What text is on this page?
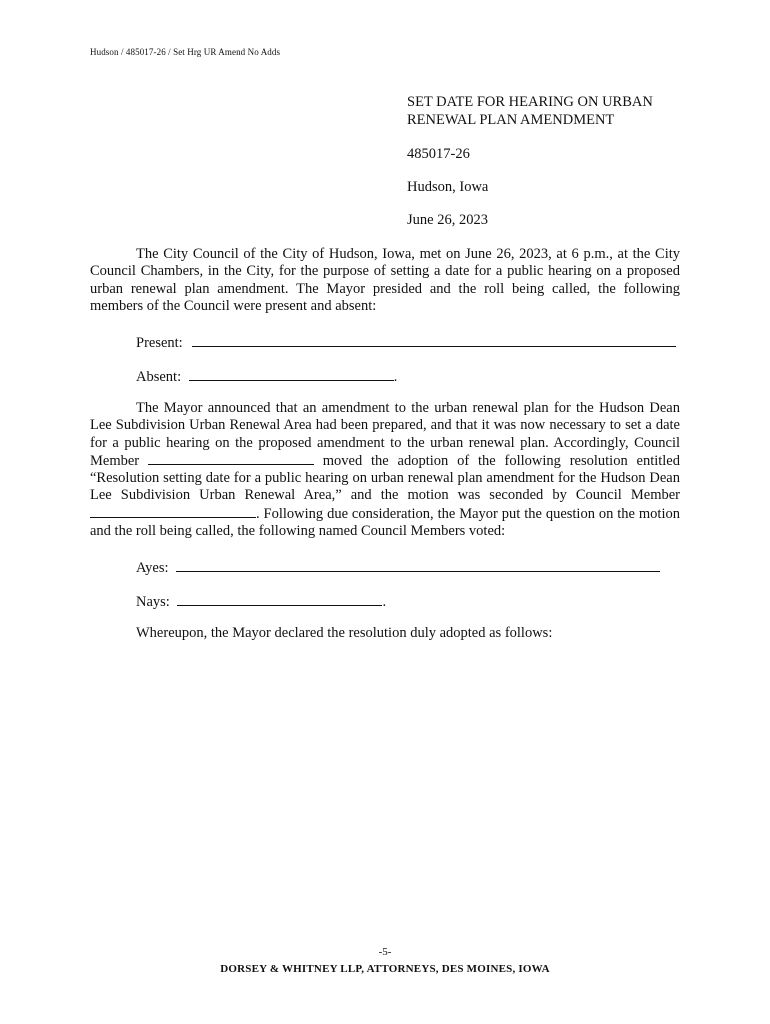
Hudson / 485017-26 / Set Hrg UR Amend No Adds
SET DATE FOR HEARING ON URBAN
RENEWAL PLAN AMENDMENT
485017-26
Hudson, Iowa
June 26, 2023
The City Council of the City of Hudson, Iowa, met on June 26, 2023, at 6 p.m., at the City Council Chambers, in the City, for the purpose of setting a date for a public hearing on a proposed urban renewal plan amendment. The Mayor presided and the roll being called, the following members of the Council were present and absent:
Present:
Absent:	.
The Mayor announced that an amendment to the urban renewal plan for the Hudson Dean Lee Subdivision Urban Renewal Area had been prepared, and that it was now necessary to set a date for a public hearing on the proposed amendment to the urban renewal plan. Accordingly, Council Member	moved the adoption of the following resolution entitled “Resolution setting date for a public hearing on urban renewal plan amendment for the Hudson Dean Lee Subdivision Urban Renewal Area,” and the motion was seconded by Council Member . Following due consideration, the Mayor put the question on the motion and the roll being called, the following named Council Members voted:
Ayes:
Nays:	.
Whereupon, the Mayor declared the resolution duly adopted as follows:
-5-
DORSEY & WHITNEY LLP, ATTORNEYS, DES MOINES, IOWA
